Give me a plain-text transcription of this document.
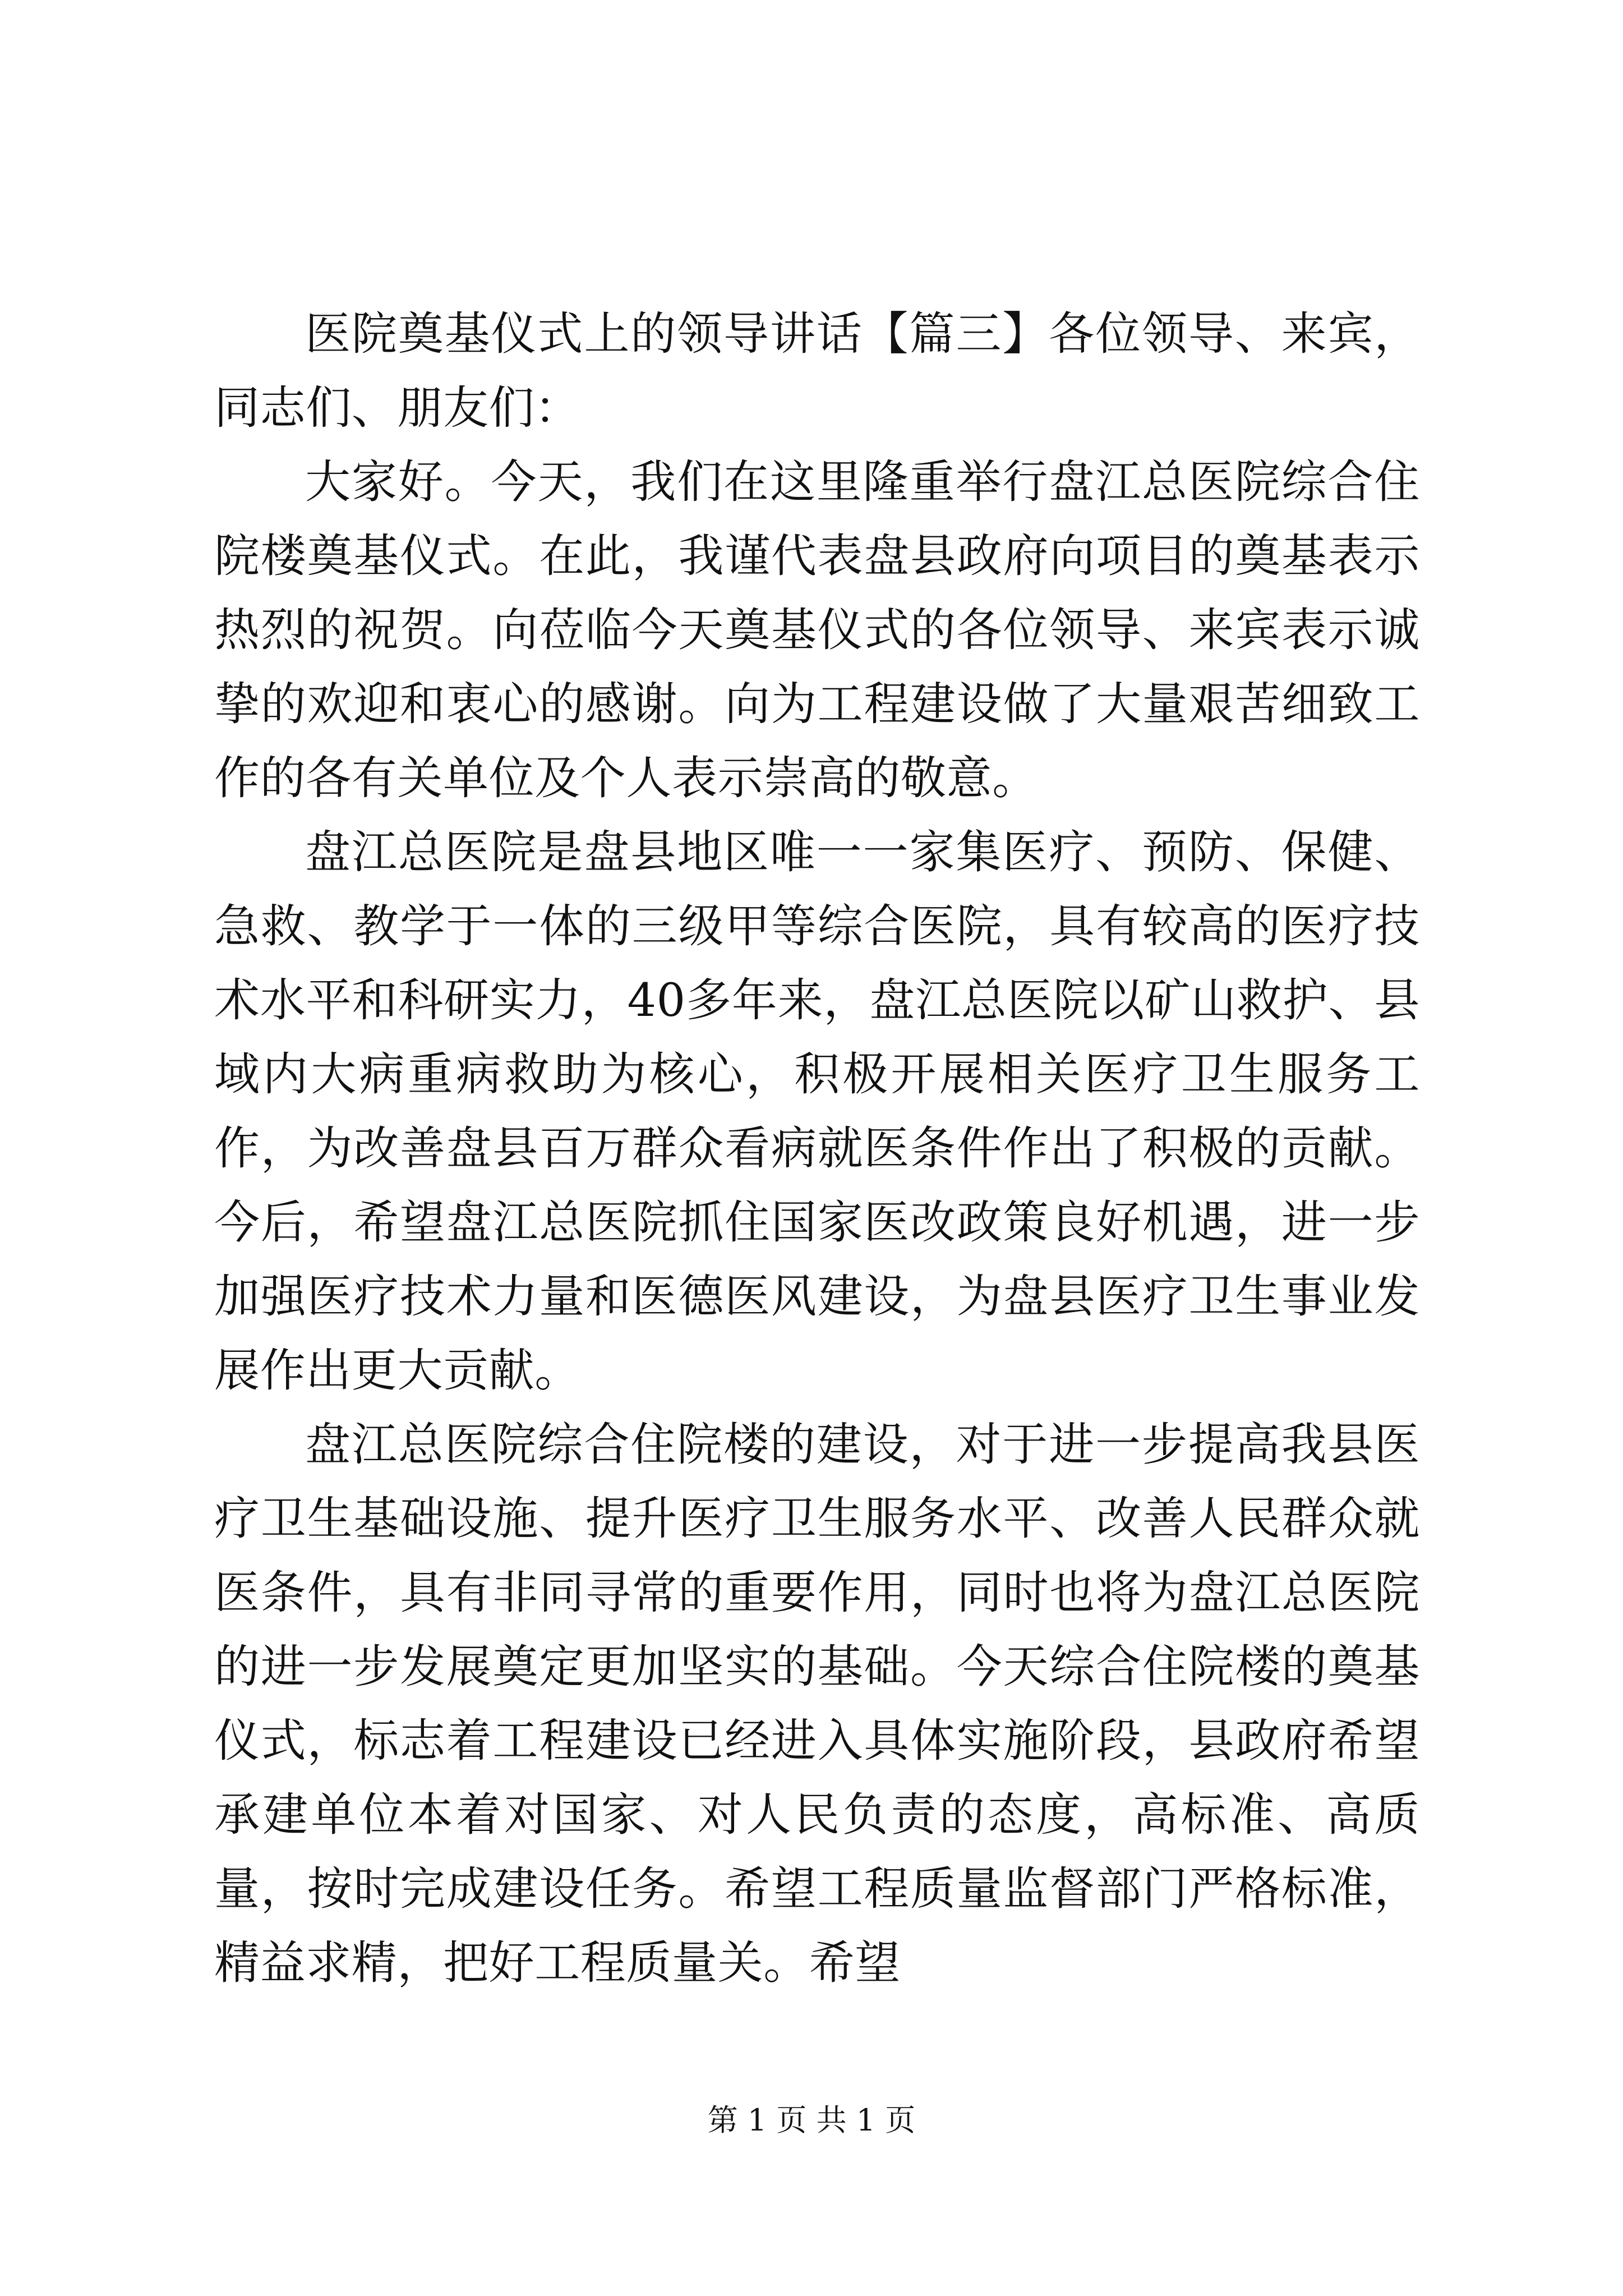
医院奠基仪式上的领导讲话【篇三】各位领导、来宾，同志们、朋友们：

大家好。今天，我们在这里隆重举行盘江总医院综合住院楼奠基仪式。在此，我谨代表盘县政府向项目的奠基表示热烈的祝贺。向莅临今天奠基仪式的各位领导、来宾表示诚挚的欢迎和衷心的感谢。向为工程建设做了大量艰苦细致工作的各有关单位及个人表示崇高的敬意。

盘江总医院是盘县地区唯一一家集医疗、预防、保健、急救、教学于一体的三级甲等综合医院，具有较高的医疗技术水平和科研实力，40多年来，盘江总医院以矿山救护、县域内大病重病救助为核心，积极开展相关医疗卫生服务工作，为改善盘县百万群众看病就医条件作出了积极的贡献。今后，希望盘江总医院抓住国家医改政策良好机遇，进一步加强医疗技术力量和医德医风建设，为盘县医疗卫生事业发展作出更大贡献。

盘江总医院综合住院楼的建设，对于进一步提高我县医疗卫生基础设施、提升医疗卫生服务水平、改善人民群众就医条件，具有非同寻常的重要作用，同时也将为盘江总医院的进一步发展奠定更加坚实的基础。今天综合住院楼的奠基仪式，标志着工程建设已经进入具体实施阶段，县政府希望承建单位本着对国家、对人民负责的态度，高标准、高质量，按时完成建设任务。希望工程质量监督部门严格标准，精益求精，把好工程质量关。希望

第 1 页 共 1 页
